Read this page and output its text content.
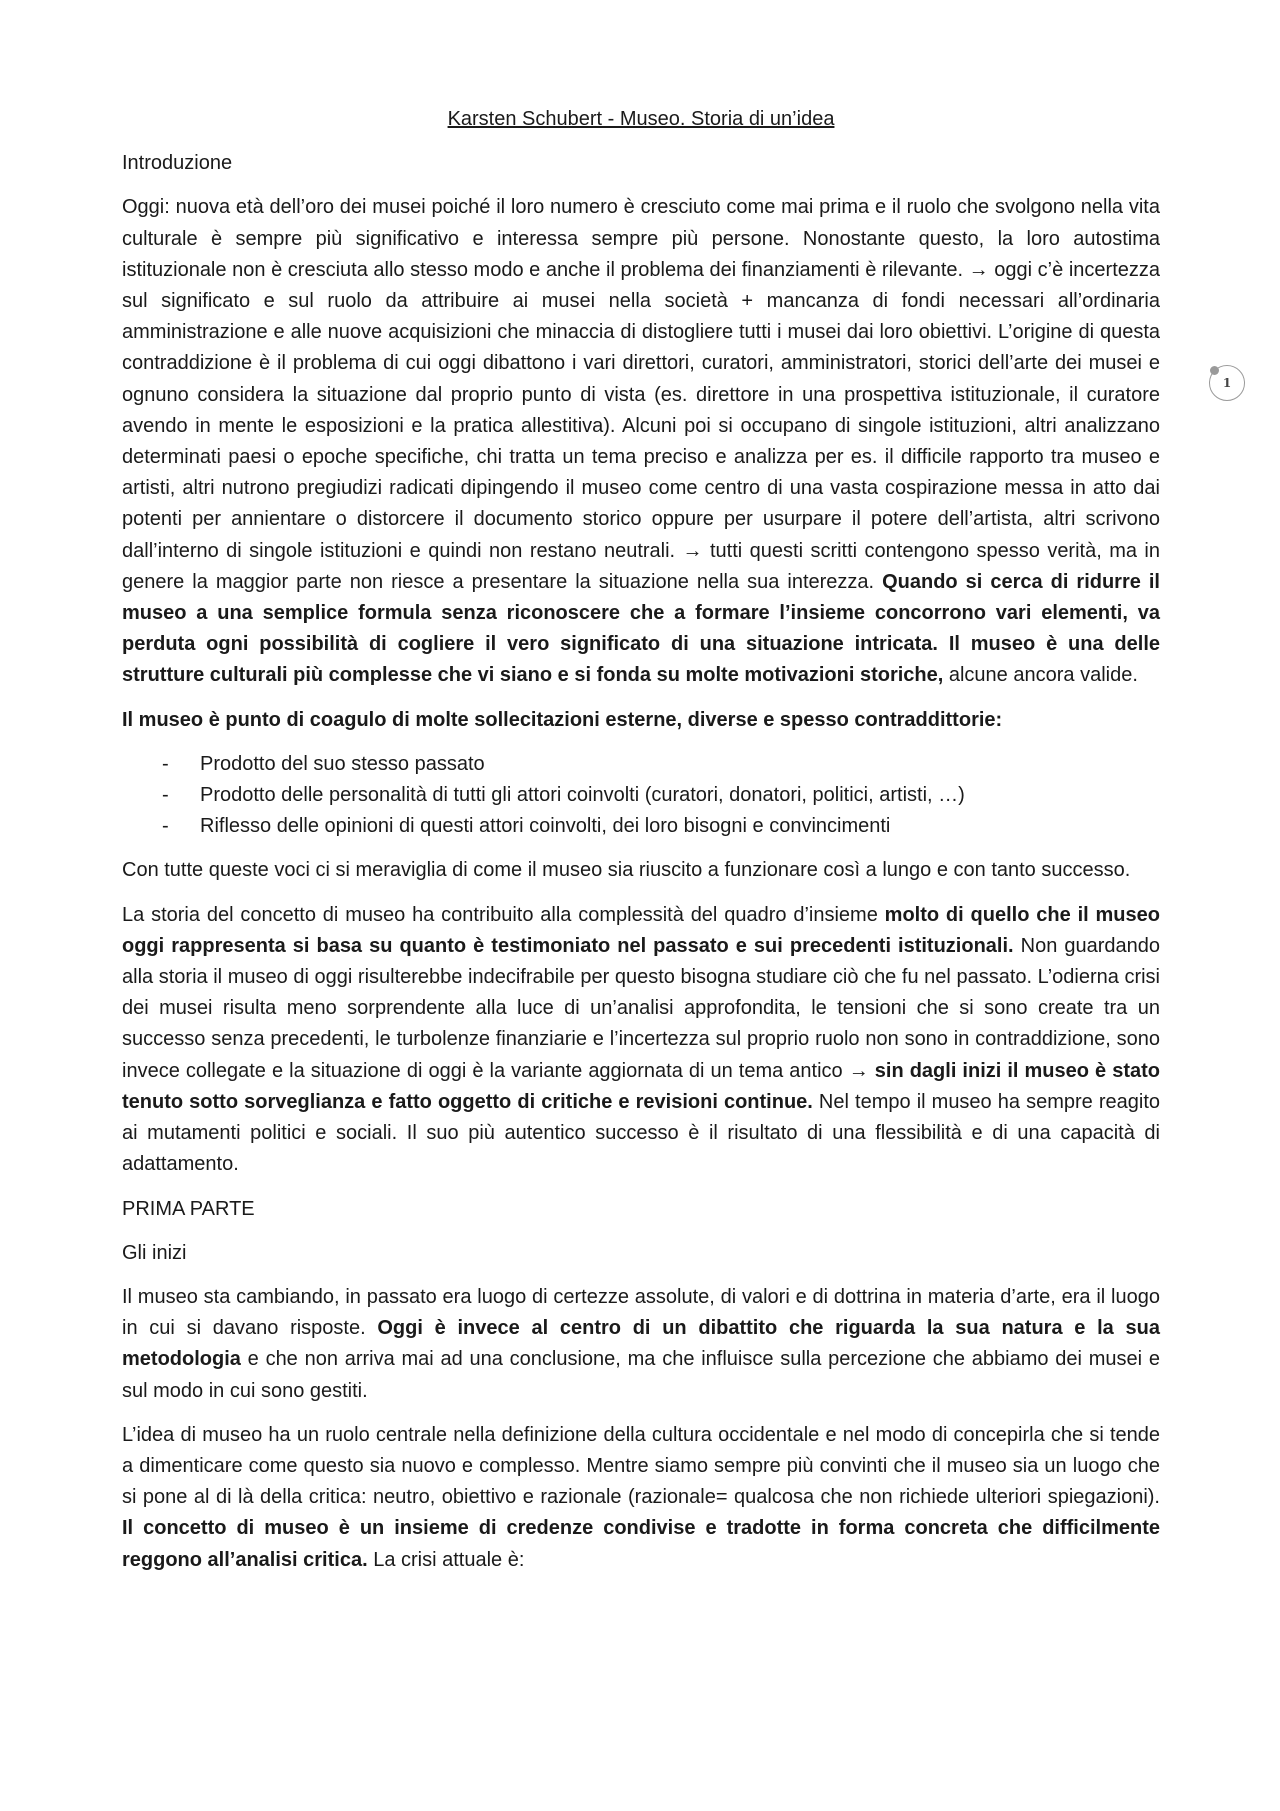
Karsten Schubert - Museo. Storia di un’idea
Introduzione

Oggi: nuova età dell’oro dei musei poiché il loro numero è cresciuto come mai prima e il ruolo che svolgono nella vita culturale è sempre più significativo e interessa sempre più persone. Nonostante questo, la loro autostima istituzionale non è cresciuta allo stesso modo e anche il problema dei finanziamenti è rilevante. → oggi c’è incertezza sul significato e sul ruolo da attribuire ai musei nella società + mancanza di fondi necessari all’ordinaria amministrazione e alle nuove acquisizioni che minaccia di distogliere tutti i musei dai loro obiettivi. L’origine di questa contraddizione è il problema di cui oggi dibattono i vari direttori, curatori, amministratori, storici dell’arte dei musei e ognuno considera la situazione dal proprio punto di vista (es. direttore in una prospettiva istituzionale, il curatore avendo in mente le esposizioni e la pratica allestitiva). Alcuni poi si occupano di singole istituzioni, altri analizzano determinati paesi o epoche specifiche, chi tratta un tema preciso e analizza per es. il difficile rapporto tra museo e artisti, altri nutrono pregiudizi radicati dipingendo il museo come centro di una vasta cospirazione messa in atto dai potenti per annientare o distorcere il documento storico oppure per usurpare il potere dell’artista, altri scrivono dall’interno di singole istituzioni e quindi non restano neutrali. → tutti questi scritti contengono spesso verità, ma in genere la maggior parte non riesce a presentare la situazione nella sua interezza. Quando si cerca di ridurre il museo a una semplice formula senza riconoscere che a formare l’insieme concorrono vari elementi, va perduta ogni possibilità di cogliere il vero significato di una situazione intricata. Il museo è una delle strutture culturali più complesse che vi siano e si fonda su molte motivazioni storiche, alcune ancora valide.

Il museo è punto di coagulo di molte sollecitazioni esterne, diverse e spesso contraddittorie:

- Prodotto del suo stesso passato
- Prodotto delle personalità di tutti gli attori coinvolti (curatori, donatori, politici, artisti, …)
- Riflesso delle opinioni di questi attori coinvolti, dei loro bisogni e convincimenti

Con tutte queste voci ci si meraviglia di come il museo sia riuscito a funzionare così a lungo e con tanto successo.

La storia del concetto di museo ha contribuito alla complessità del quadro d’insieme molto di quello che il museo oggi rappresenta si basa su quanto è testimoniato nel passato e sui precedenti istituzionali. Non guardando alla storia il museo di oggi risulterebbe indecifrabile per questo bisogna studiare ciò che fu nel passato. L’odierna crisi dei musei risulta meno sorprendente alla luce di un’analisi approfondita, le tensioni che si sono create tra un successo senza precedenti, le turbolenze finanziarie e l’incertezza sul proprio ruolo non sono in contraddizione, sono invece collegate e la situazione di oggi è la variante aggiornata di un tema antico → sin dagli inizi il museo è stato tenuto sotto sorveglianza e fatto oggetto di critiche e revisioni continue. Nel tempo il museo ha sempre reagito ai mutamenti politici e sociali. Il suo più autentico successo è il risultato di una flessibilità e di una capacità di adattamento.

PRIMA PARTE
Gli inizi

Il museo sta cambiando, in passato era luogo di certezze assolute, di valori e di dottrina in materia d’arte, era il luogo in cui si davano risposte. Oggi è invece al centro di un dibattito che riguarda la sua natura e la sua metodologia e che non arriva mai ad una conclusione, ma che influisce sulla percezione che abbiamo dei musei e sul modo in cui sono gestiti.

L’idea di museo ha un ruolo centrale nella definizione della cultura occidentale e nel modo di concepirla che si tende a dimenticare come questo sia nuovo e complesso. Mentre siamo sempre più convinti che il museo sia un luogo che si pone al di là della critica: neutro, obiettivo e razionale (razionale= qualcosa che non richiede ulteriori spiegazioni). Il concetto di museo è un insieme di credenze condivise e tradotte in forma concreta che difficilmente reggono all’analisi critica. La crisi attuale è:

1
